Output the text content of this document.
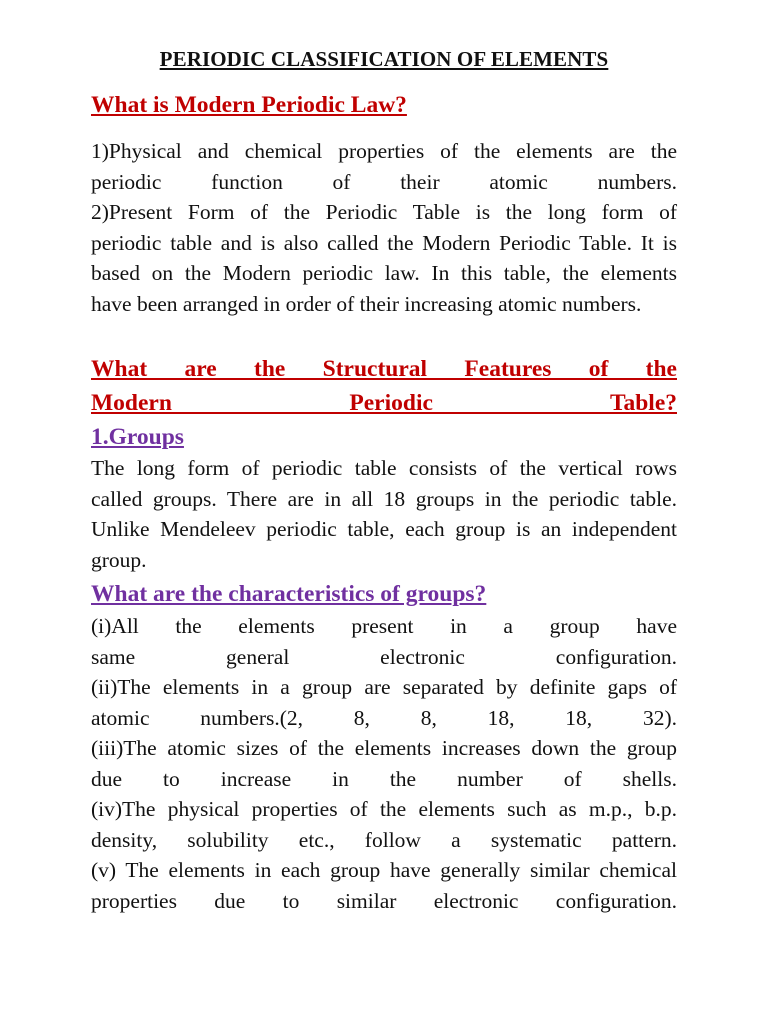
PERIODIC CLASSIFICATION OF ELEMENTS
What is Modern Periodic Law?
1)Physical and chemical properties of the elements are the
periodic function of their atomic numbers.
2)Present Form of the Periodic Table is the long form of
periodic table and is also called the Modern Periodic Table. It is
based on the Modern periodic law. In this table, the elements
have been arranged in order of their increasing atomic numbers.
What are the Structural Features of the
Modern Periodic Table?
1.Groups
The long form of periodic table consists of the vertical rows
called groups. There are in all 18 groups in the periodic table.
Unlike Mendeleev periodic table, each group is an independent
group.
What are the characteristics of groups?
(i)All the elements present in a group have
same general electronic configuration.
(ii)The elements in a group are separated by definite gaps of
atomic numbers.(2, 8, 8, 18, 18, 32).
(iii)The atomic sizes of the elements increases down the group
due to increase in the number of shells.
(iv)The physical properties of the elements such as m.p., b.p.
density, solubility etc., follow a systematic pattern.
(v) The elements in each group have generally similar chemical
properties due to similar electronic configuration.
